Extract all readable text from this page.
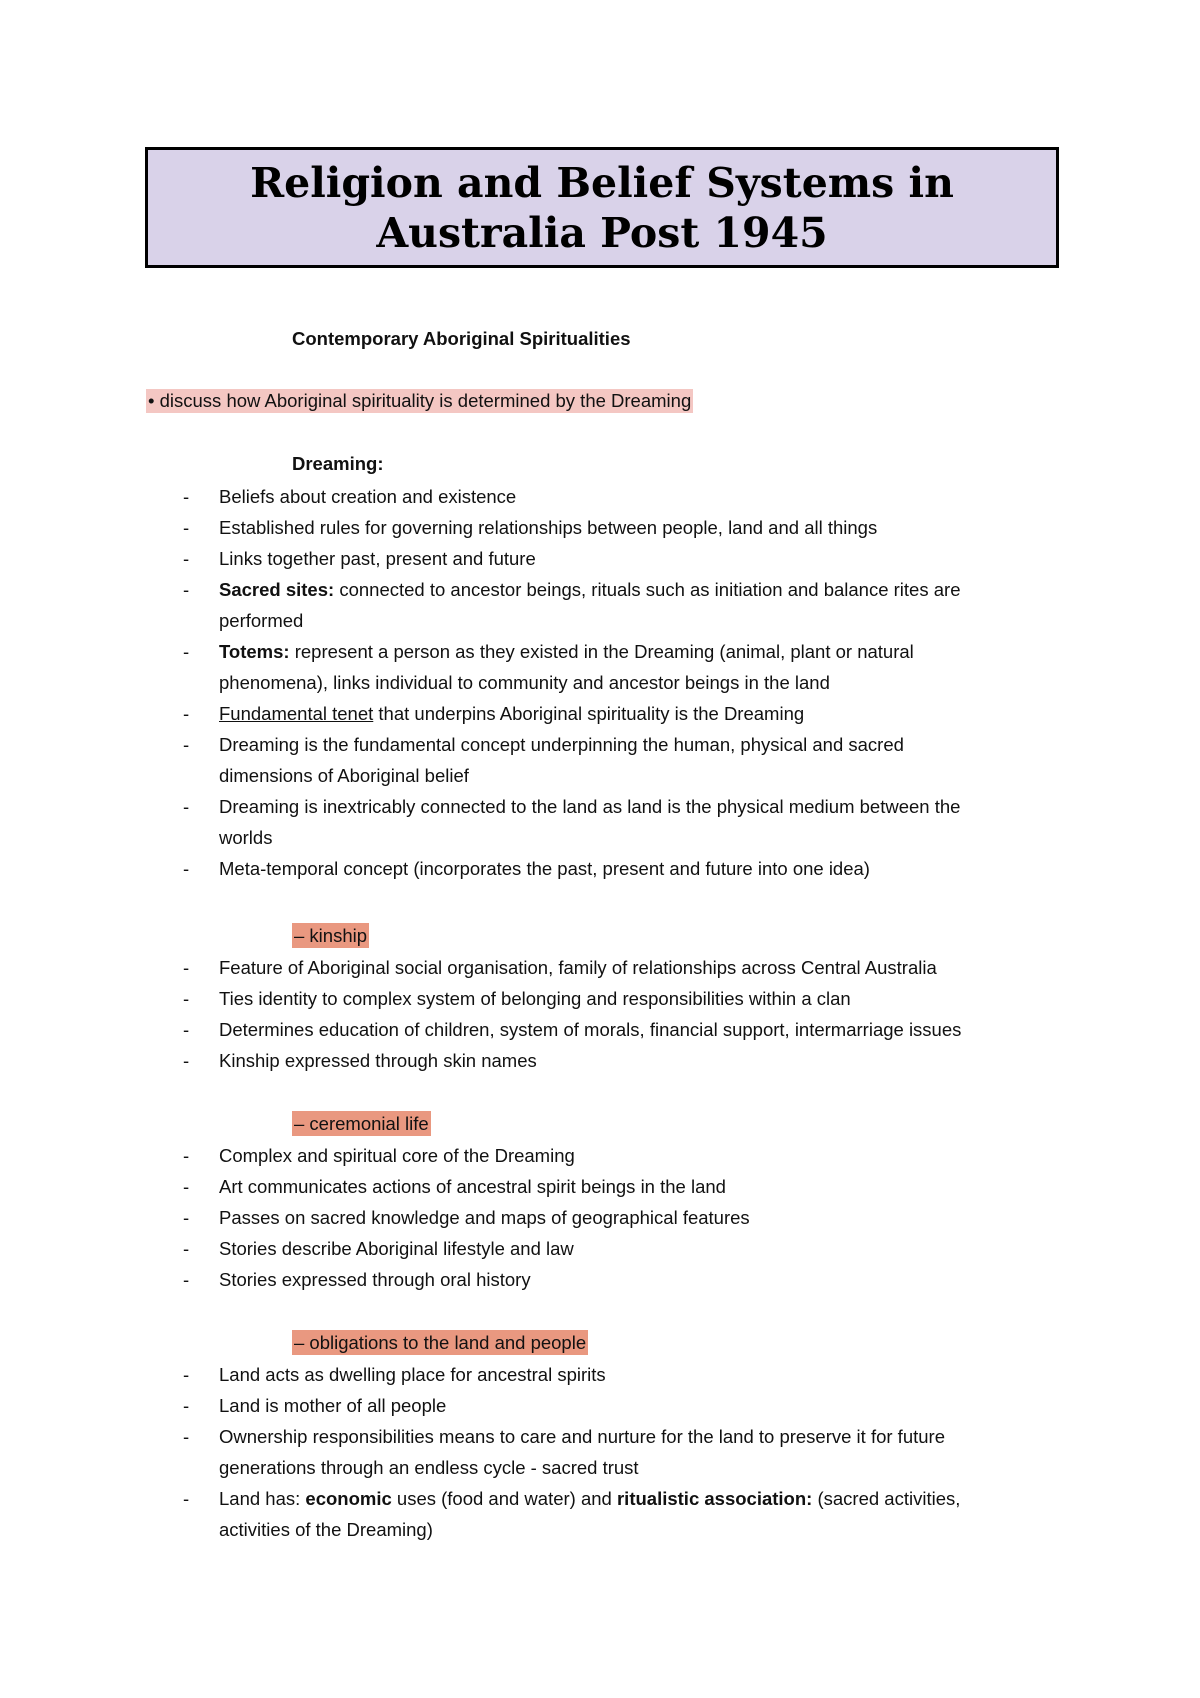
Religion and Belief Systems in
Australia Post 1945
Contemporary Aboriginal Spiritualities
• discuss how Aboriginal spirituality is determined by the Dreaming
Dreaming:
- Beliefs about creation and existence
- Established rules for governing relationships between people, land and all things
- Links together past, present and future
- Sacred sites: connected to ancestor beings, rituals such as initiation and balance rites are
performed
- Totems: represent a person as they existed in the Dreaming (animal, plant or natural
phenomena), links individual to community and ancestor beings in the land
- Fundamental tenet that underpins Aboriginal spirituality is the Dreaming
- Dreaming is the fundamental concept underpinning the human, physical and sacred
dimensions of Aboriginal belief
- Dreaming is inextricably connected to the land as land is the physical medium between the
worlds
- Meta-temporal concept (incorporates the past, present and future into one idea)
– kinship
- Feature of Aboriginal social organisation, family of relationships across Central Australia
- Ties identity to complex system of belonging and responsibilities within a clan
- Determines education of children, system of morals, financial support, intermarriage issues
- Kinship expressed through skin names
– ceremonial life
- Complex and spiritual core of the Dreaming
- Art communicates actions of ancestral spirit beings in the land
- Passes on sacred knowledge and maps of geographical features
- Stories describe Aboriginal lifestyle and law
- Stories expressed through oral history
– obligations to the land and people
- Land acts as dwelling place for ancestral spirits
- Land is mother of all people
- Ownership responsibilities means to care and nurture for the land to preserve it for future
generations through an endless cycle - sacred trust
- Land has: economic uses (food and water) and ritualistic association: (sacred activities,
activities of the Dreaming)
